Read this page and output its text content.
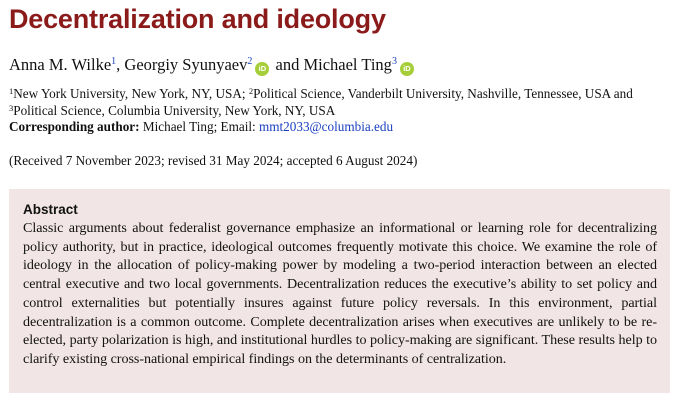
Decentralization and ideology
Anna M. Wilke$^1$, Georgiy Syunyaev$^2$iD and Michael Ting$^3$iD
$^1$New York University, New York, NY, USA; $^2$Political Science, Vanderbilt University, Nashville, Tennessee, USA and
$^3$Political Science, Columbia University, New York, NY, USA
Corresponding author: Michael Ting; Email: mmt2033@columbia.edu
(Received 7 November 2023; revised 31 May 2024; accepted 6 August 2024)
Abstract
Classic arguments about federalist governance emphasize an informational or learning role for decentralizing policy authority, but in practice, ideological outcomes frequently motivate this choice. We examine the role of ideology in the allocation of policy-making power by modeling a two-period interaction between an elected central executive and two local governments. Decentralization reduces the executive’s ability to set policy and control externalities but potentially insures against future policy reversals. In this environment, partial decentralization is a common outcome. Complete decentralization arises when executives are unlikely to be re-elected, party polarization is high, and institutional hurdles to policy-making are significant. These results help to clarify existing cross-national empirical findings on the determinants of centralization.
